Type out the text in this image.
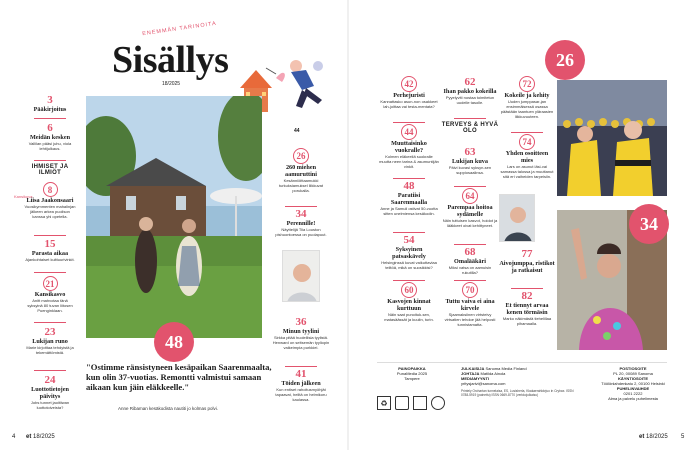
ENEMMÄN TARINOITA
Sisällys
18/2025
44
3
Pääkirjoitus
6
Meidän kesken
Vallilan pääsi juhu, viola lehtijulkaus.
IHMISET JA ILMIÖT
Kansikuva
8
Liisa Jaakonsaari
Vuosikymmenten mahalinjan jälkeen arkea puolison kanssa yhi opetella.
15
Parasta aikaa
Ajankohtaiset kulttuurivinkit.
21
Kansikasvo
Anitt mahvotaa tänä syksyinä 80 tuvan liitosen Puenginklaan.
23
Lukijan runo
Marie kirjoittaa tehdyistä ja tekemättömistä.
24
Luottotietojen päivitys
Jobs tunnet jaoitiiwan luottotoiveista?
48
"Ostimme ränsistyneen kesäpaikan Saarenmaalta, kun olin 37-vuotias. Remontti valmistui samaan aikaan kun jäin eläkkeelle."
Anne Ribaman kesäkodista nautiti jo kolmas polvi.
26
260 miehen aamuruttini
Kesänniöittaamukki turkuksiamuksel liikkuvat porukalla.
34
Perennille!
Näyttelijä Tiia Louston pishuontoessa on puolapuut.
36
Minun tyylini
Sirkka pitää huolellisia tyylistä. Henward on seitsemän tyyliopin vaikeimpia purkkiei.
41
Töiden jälkeen
Kun entiset rahoitusmyöhjät tapaavat, heiltä on helmikoru kaulassa.
4 et 18/2025
42
Perhejuristi
Kannattasko asun-non osakkeet lah-joittaa vai testa-mentata?
44
Muuttaisinko vuokralle?
Kolmen eläkeeliä suokralle muutta neen tarina & asumuntijän vinkit.
48
Paratiisi Saarenmaalla
Anne ja Samuli ostivat 50-vuotta sitten unelmiensa kesäkodin.
54
Syksyinen patsaskävely
Helsinginssä kuvat vaikuttaviaa teiltöä, mikä on suosikkisi?
60
Kasvojen kinnat kurttuun
Näin saat punoituk-sen, matasäässät ja kuulin, turin.
62
Ihan pakko kokeilla
Pyyelyviti nostaa toimitetun uudelle tasolle.
TERVEYS & HYVÄ OLO
63
Lukijan kuva
Päivi kuvasi syksyn-sen suppiosaalinsa.
64
Parempaa hoitoa sydämelle
Näin tuttuisen kasvot, hoidot ja lääkkeet oivat kehittyneet.
68
Omalääkäri
Miksi vatsa on aamuisin rukutilla?
70
Tuttu vaiva ei aina kirvele
Sjaamaksiinen virtsteivy virtsatien tehdoe jää helposti tunnistamatta.
72
Kokeile ja kehity
Uuden jumppasar-jan ensimmäisessä osassa päästään taantuen yläraasien liikkuvuuteen.
74
Yhden osoitteen mies
Lars on asunut läsi-vai samassa talossa ja muuttanut sitä eri vaiheiden tarpeisiin.
77
Aivojumppa, ristikot ja ratkaisut
82
Et tiennyt arvaa kenen törmäsin
Marko näkimästä tiehelillaa pihamaalla.
26
34
PAINOPAIKKA
PunaMedia 2025
Tampere
JULKAISIJA Sanoma Media Finland
JOHTAJA Matilda Ainola
MEDIAMYYNTI
yritysjarivi@sanoma.com
Printely Orchartan tunnelaisa, ES, Lusisherla, Kkakaerahkkrjuo in Crybax. ISSN 0788-5919 (painettu) ISSN 0669-8770 (verkkojulkaisu)
POSTIOSOITE
PL 20, 00089 Sanoma
KÄYNTIOSOITE
Töölönlahdenkatu 2, 00100 Helsinki
PUHELINVAIHDE
0201 2222
Alma ja palvelu puhelimesta
♻
et 18/2025 5
